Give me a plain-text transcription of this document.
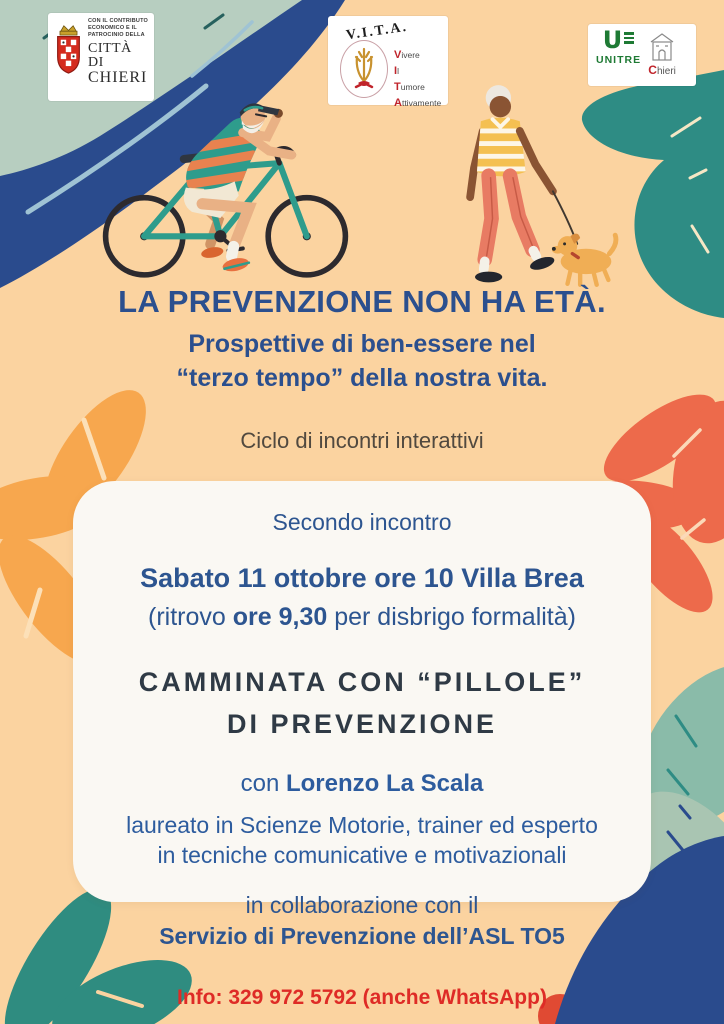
CON IL CONTRIBUTO ECONOMICO E IL PATROCINIO DELLA
CITTÀ DI
CHIERI
V.I.T.A.
Vivere
Il
Tumore
Attivamente
U
UNITRE
Chieri
LA PREVENZIONE NON HA ETÀ.
Prospettive di ben-essere nel
“terzo tempo” della nostra vita.
Ciclo di incontri interattivi
Secondo incontro
Sabato 11 ottobre ore 10 Villa Brea
(ritrovo ore 9,30 per disbrigo formalità)
CAMMINATA CON “PILLOLE”
DI PREVENZIONE
con Lorenzo La Scala
laureato in Scienze Motorie, trainer ed esperto
in tecniche comunicative e motivazionali
in collaborazione con il
Servizio di Prevenzione dell’ASL TO5
Info: 329 972 5792 (anche WhatsApp)
